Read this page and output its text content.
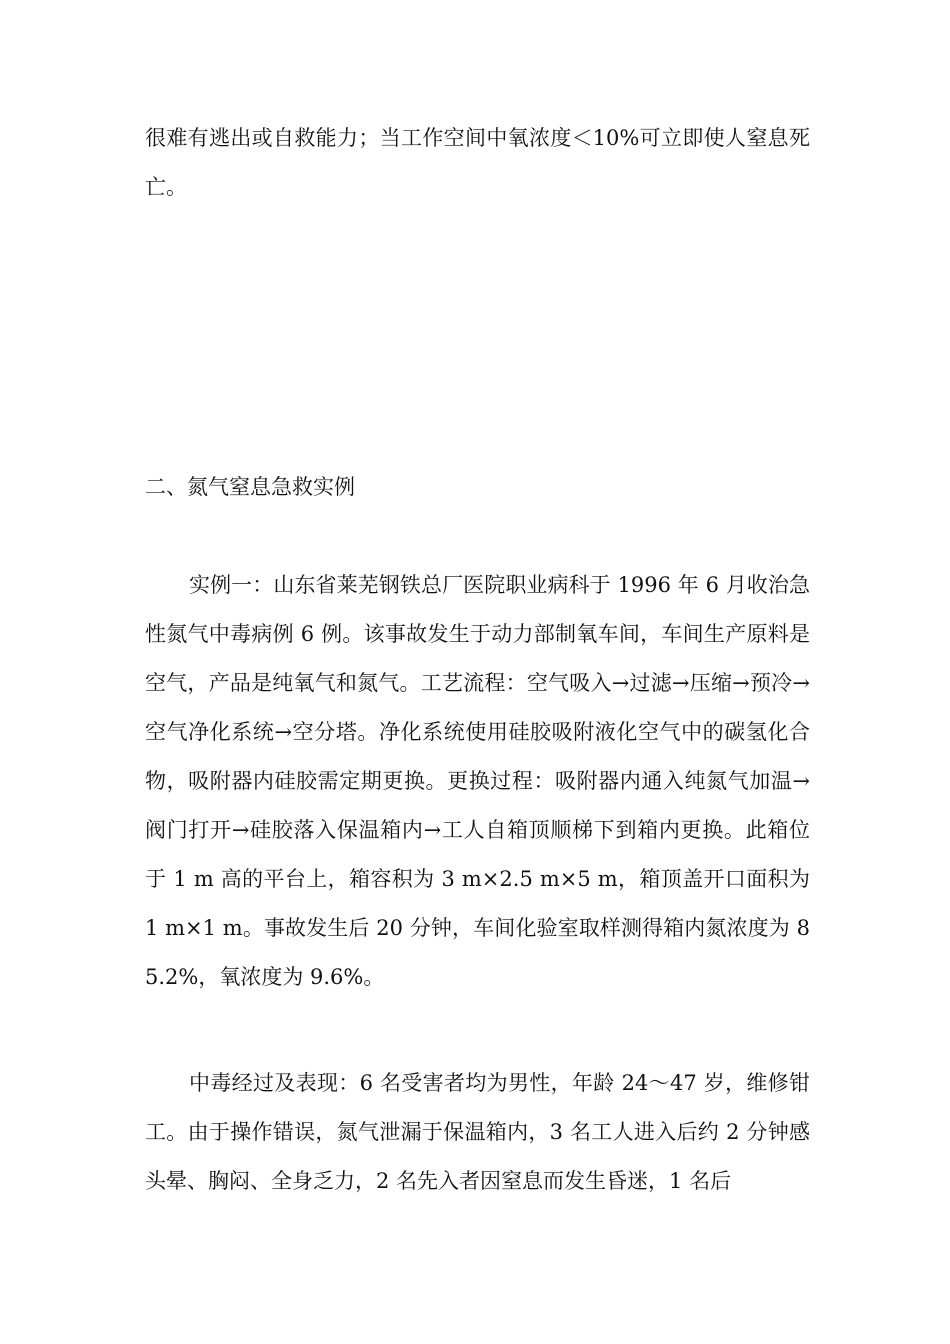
很难有逃出或自救能力；当工作空间中氧浓度＜10%可立即使人窒息死亡。

二、氮气窒息急救实例

实例一：山东省莱芜钢铁总厂医院职业病科于 1996 年 6 月收治急性氮气中毒病例 6 例。该事故发生于动力部制氧车间，车间生产原料是空气，产品是纯氧气和氮气。工艺流程：空气吸入→过滤→压缩→预冷→空气净化系统→空分塔。净化系统使用硅胶吸附液化空气中的碳氢化合物，吸附器内硅胶需定期更换。更换过程：吸附器内通入纯氮气加温→阀门打开→硅胶落入保温箱内→工人自箱顶顺梯下到箱内更换。此箱位于 1 m 高的平台上，箱容积为 3 m×2.5 m×5 m，箱顶盖开口面积为 1 m×1 m。事故发生后 20 分钟，车间化验室取样测得箱内氮浓度为 85.2%，氧浓度为 9.6%。

中毒经过及表现：6 名受害者均为男性，年龄 24～47 岁，维修钳工。由于操作错误，氮气泄漏于保温箱内，3 名工人进入后约 2 分钟感头晕、胸闷、全身乏力，2 名先入者因窒息而发生昏迷，1 名后
